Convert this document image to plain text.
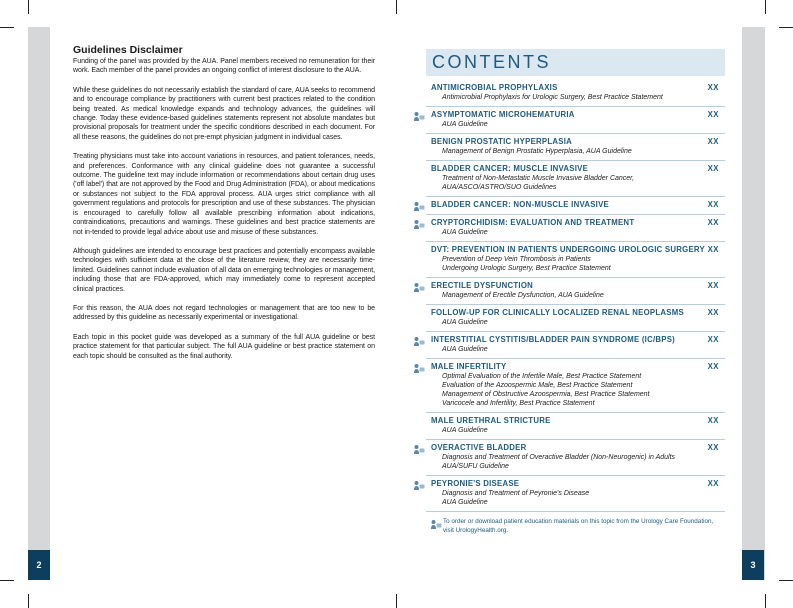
2	3
Guidelines Disclaimer

Funding of the panel was provided by the AUA. Panel members received no remuneration for their work. Each member of the panel provides an ongoing conflict of interest disclosure to the AUA.

While these guidelines do not necessarily establish the standard of care, AUA seeks to recommend and to encourage compliance by practitioners with current best practices related to the condition being treated. As medical knowledge expands and technology advances, the guidelines will change. Today these evidence-based guidelines statements represent not absolute mandates but provisional proposals for treatment under the specific conditions described in each document. For all these reasons, the guidelines do not pre-empt physician judgment in individual cases.

Treating physicians must take into account variations in resources, and patient tolerances, needs, and preferences. Conformance with any clinical guideline does not guarantee a successful outcome. The guideline text may include information or recommendations about certain drug uses ('off label') that are not approved by the Food and Drug Administration (FDA), or about medications or substances not subject to the FDA approval process. AUA urges strict compliance with all government regulations and protocols for prescription and use of these substances. The physician is encouraged to carefully follow all available prescribing information about indications, contraindications, precautions and warnings. These guidelines and best practice statements are not in-tended to provide legal advice about use and misuse of these substances.

Although guidelines are intended to encourage best practices and potentially encompass available technologies with sufficient data at the close of the literature review, they are necessarily time-limited. Guidelines cannot include evaluation of all data on emerging technologies or management, including those that are FDA-approved, which may immediately come to represent accepted clinical practices.

For this reason, the AUA does not regard technologies or management that are too new to be addressed by this guideline as necessarily experimental or investigational.

Each topic in this pocket guide was developed as a summary of the full AUA guideline or best practice statement for that particular subject. The full AUA guideline or best practice statement on each topic should be consulted as the final authority.

CONTENTS
ANTIMICROBIAL PROPHYLAXIS	XX
Antimicrobial Prophylaxis for Urologic Surgery, Best Practice Statement
ASYMPTOMATIC MICROHEMATURIA	XX
AUA Guideline
BENIGN PROSTATIC HYPERPLASIA	XX
Management of Benign Prostatic Hyperplasia, AUA Guideline
BLADDER CANCER: MUSCLE INVASIVE	XX
Treatment of Non-Metastatic Muscle Invasive Bladder Cancer,
AUA/ASCO/ASTRO/SUO Guidelines
BLADDER CANCER: NON-MUSCLE INVASIVE	XX
CRYPTORCHIDISM: EVALUATION AND TREATMENT	XX
AUA Guideline
DVT: PREVENTION IN PATIENTS UNDERGOING UROLOGIC SURGERY XX
Prevention of Deep Vein Thrombosis in Patients
Undergoing Urologic Surgery, Best Practice Statement
ERECTILE DYSFUNCTION	XX
Management of Erectile Dysfunction, AUA Guideline
FOLLOW-UP FOR CLINICALLY LOCALIZED RENAL NEOPLASMS	XX
AUA Guideline
INTERSTITIAL CYSTITIS/BLADDER PAIN SYNDROME (IC/BPS)	XX
AUA Guideline
MALE INFERTILITY	XX
Optimal Evaluation of the Infertile Male, Best Practice Statement
Evaluation of the Azoospermic Male, Best Practice Statement
Management of Obstructive Azoospermia, Best Practice Statement
Varicocele and Infertility, Best Practice Statement
MALE URETHRAL STRICTURE	XX
AUA Guideline
OVERACTIVE BLADDER	XX
Diagnosis and Treatment of Overactive Bladder (Non-Neurogenic) in Adults
AUA/SUFU Guideline
PEYRONIE'S DISEASE	XX
Diagnosis and Treatment of Peyronie's Disease
AUA Guideline
To order or download patient education materials on this topic from the Urology Care Foundation, visit UrologyHealth.org.
